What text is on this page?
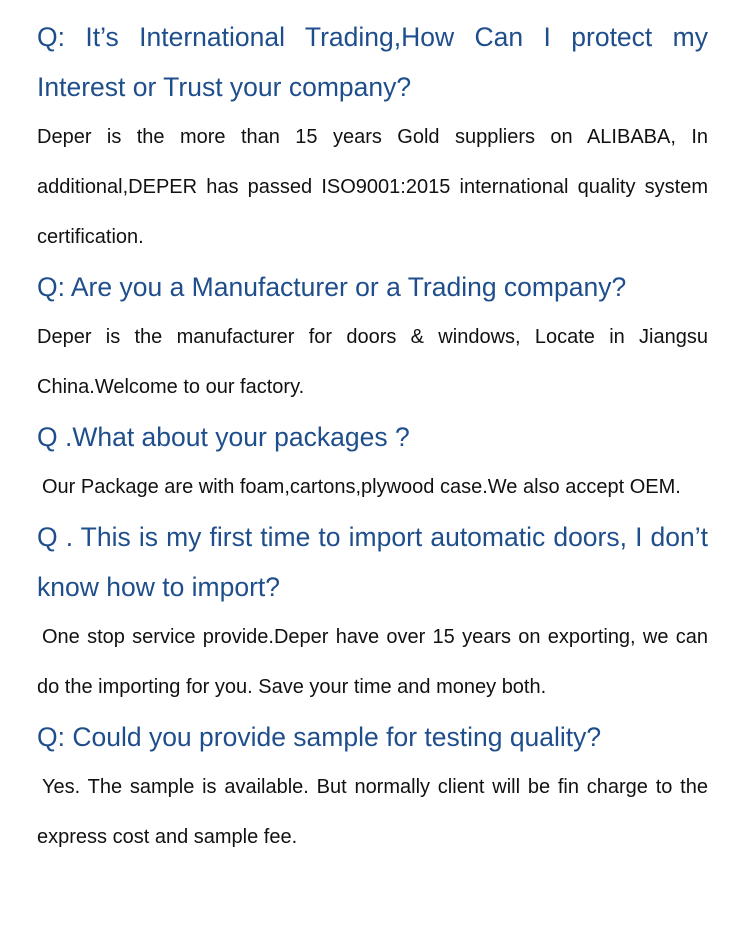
Q: It’s International Trading,How Can I protect my Interest or Trust your company?

Deper is the more than 15 years Gold suppliers on ALIBABA, In additional,DEPER has passed ISO9001:2015 international quality system certification.

Q: Are you a Manufacturer or a Trading company?

Deper is the manufacturer for doors & windows, Locate in Jiangsu China.Welcome to our factory.

Q .What about your packages ?

Our Package are with foam,cartons,plywood case.We also accept OEM.

Q . This is my first time to import automatic doors, I don’t know how to import?

One stop service provide.Deper have over 15 years on exporting, we can do the importing for you. Save your time and money both.

Q: Could you provide sample for testing quality?

Yes. The sample is available. But normally client will be fin charge to the express cost and sample fee.
